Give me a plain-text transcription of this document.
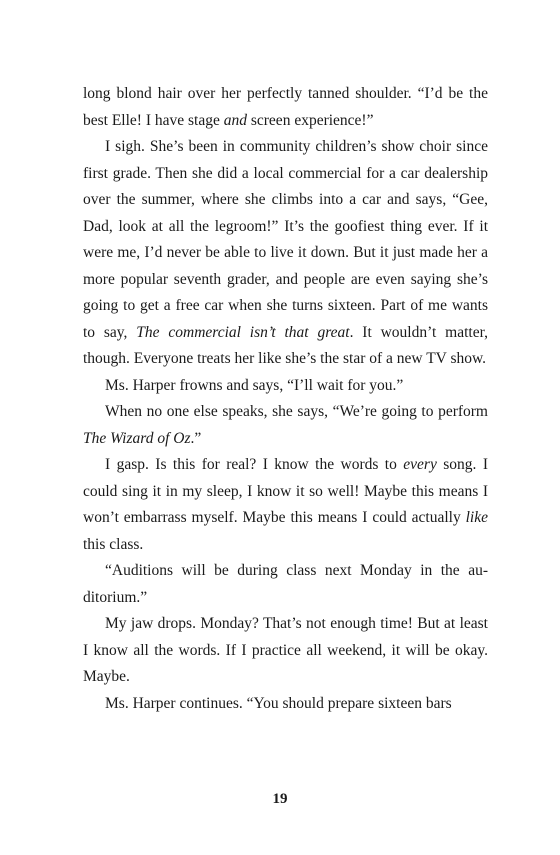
long blond hair over her perfectly tanned shoulder. “I’d be the best Elle! I have stage and screen experience!”

I sigh. She’s been in community children’s show choir since first grade. Then she did a local commercial for a car dealership over the summer, where she climbs into a car and says, “Gee, Dad, look at all the legroom!” It’s the goofiest thing ever. If it were me, I’d never be able to live it down. But it just made her a more popular seventh grader, and people are even saying she’s going to get a free car when she turns sixteen. Part of me wants to say, The commercial isn’t that great. It wouldn’t matter, though. Everyone treats her like she’s the star of a new TV show.

Ms. Harper frowns and says, “I’ll wait for you.”

When no one else speaks, she says, “We’re going to perform The Wizard of Oz.”

I gasp. Is this for real? I know the words to every song. I could sing it in my sleep, I know it so well! Maybe this means I won’t embarrass myself. Maybe this means I could actually like this class.

“Auditions will be during class next Monday in the auditorium.”

My jaw drops. Monday? That’s not enough time! But at least I know all the words. If I practice all weekend, it will be okay. Maybe.

Ms. Harper continues. “You should prepare sixteen bars

19
